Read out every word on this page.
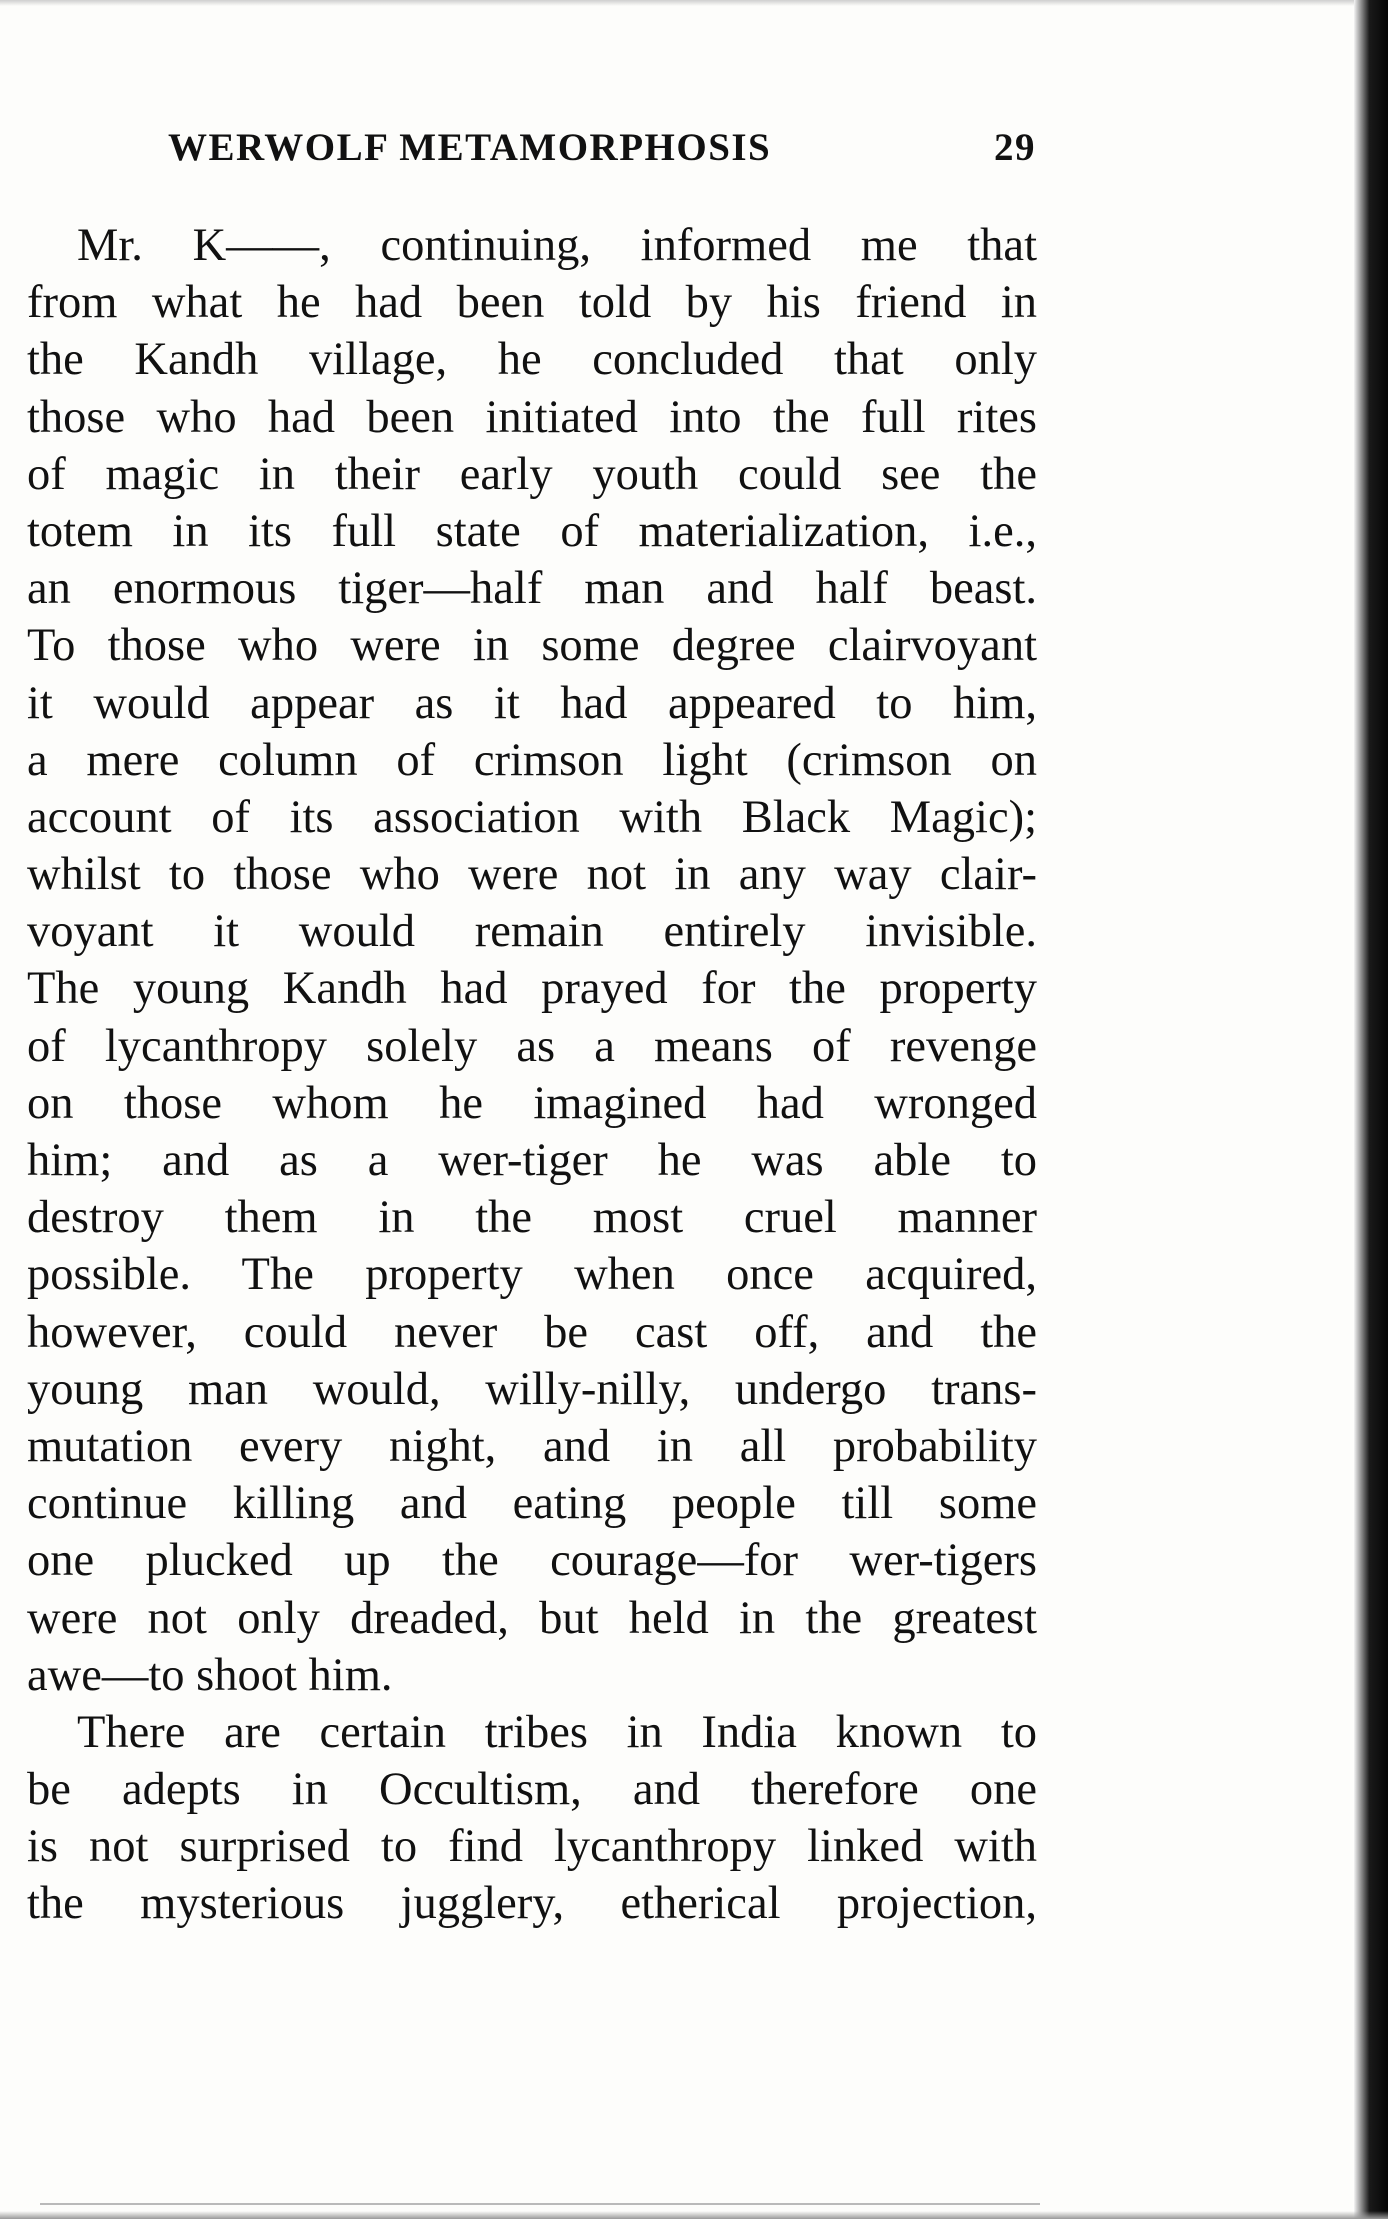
WERWOLF METAMORPHOSIS	29
Mr. K——, continuing, informed me that
from what he had been told by his friend in
the Kandh village, he concluded that only
those who had been initiated into the full rites
of magic in their early youth could see the
totem in its full state of materialization, i.e.,
an enormous tiger—half man and half beast.
To those who were in some degree clairvoyant
it would appear as it had appeared to him,
a mere column of crimson light (crimson on
account of its association with Black Magic);
whilst to those who were not in any way clair-
voyant it would remain entirely invisible.
The young Kandh had prayed for the property
of lycanthropy solely as a means of revenge
on those whom he imagined had wronged
him; and as a wer-tiger he was able to
destroy them in the most cruel manner
possible. The property when once acquired,
however, could never be cast off, and the
young man would, willy-nilly, undergo trans-
mutation every night, and in all probability
continue killing and eating people till some
one plucked up the courage—for wer-tigers
were not only dreaded, but held in the greatest
awe—to shoot him.
There are certain tribes in India known to
be adepts in Occultism, and therefore one
is not surprised to find lycanthropy linked with
the mysterious jugglery, etherical projection,
